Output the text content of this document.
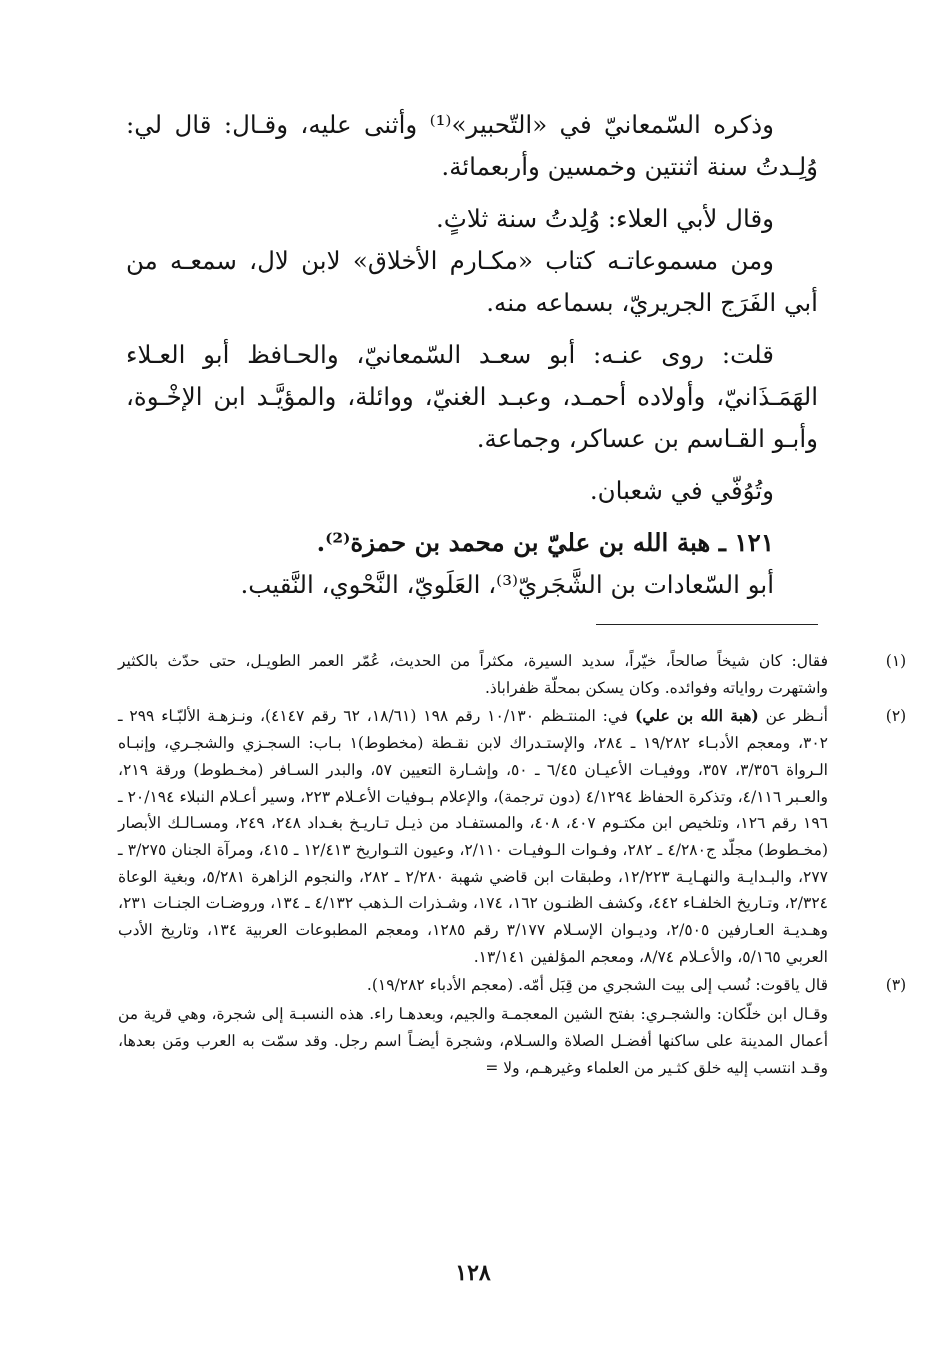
وذكره السّمعانيّ في «التّحبير»⁽¹⁾ وأثنى عليه، وقـال: قال لي: وُلِـدتُ سنة اثنتين وخمسين وأربعمائة.

وقال لأبي العلاء: وُلِدتُ سنة ثلاثٍ.

ومن مسموعاتـه كتاب «مكـارم الأخلاق» لابن لال، سمعـه من أبي الفَرَج الجريريّ، بسماعه منه.

قلت: روى عنـه: أبو سعـد السّمعانيّ، والحـافظ أبو العـلاء الهَمَـذَانيّ، وأولاده أحمـد، وعبـد الغنيّ، ووائلة، والمؤيَّـد ابن الإخْـوة، وأبـو القـاسم بن عساكر، وجماعة.

وتُوُفّي في شعبان.

١٢١ ـ هبة الله بن عليّ بن محمد بن حمزة⁽²⁾.

أبو السّعادات بن الشَّجَريّ⁽³⁾، العَلَويّ، النَّحْوي، النَّقيب.

(١)
فقال: كان شيخاً صالحاً، خيّراً، سديد السيرة، مكثراً من الحديث، عُمّر العمر الطويـل، حتى حدّث بالكثير واشتهرت رواياته وفوائده. وكان يسكن بمحلّة ظفراباذ.
(٢)
أنـظر عن (هبة الله بن علي) في: المنتـظم ١٠/١٣٠ رقم ١٩٨ (١٨/٦١، ٦٢ رقم ٤١٤٧)، ونـزهـة الألبّـاء ٢٩٩ ـ ٣٠٢، ومعجم الأدبـاء ١٩/٢٨٢ ـ ٢٨٤، والإستـدراك لابن نقـطة (مخطوط)١ بـاب: السجـزي والشجـري، وإنبـاه الـرواة ٣/٣٥٦، ٣٥٧، ووفيـات الأعيـان ٦/٤٥ ـ ٥٠، وإشـارة التعيين ٥٧، والبدر السـافر (مخـطوط) ورقة ٢١٩، والعـبر ٤/١١٦، وتذكرة الحفاظ ٤/١٢٩٤ (دون ترجمة)، والإعلام بـوفيات الأعـلام ٢٢٣، وسير أعـلام النبلاء ٢٠/١٩٤ ـ ١٩٦ رقم ١٢٦، وتلخيص ابن مكتـوم ٤٠٧، ٤٠٨، والمستفـاد من ذيـل تـاريـخ بغـداد ٢٤٨، ٢٤٩، ومسـالـك الأبصار (مخـطوط) مجلّد ج٤/٢٨٠ ـ ٢٨٢، وفـوات الـوفيـات ٢/١١٠، وعيون التـواريخ ١٢/٤١٣ ـ ٤١٥، ومرآة الجنان ٣/٢٧٥ ـ ٢٧٧، والبـدايـة والنهـايـة ١٢/٢٢٣، وطبقات ابن قاضي شهبة ٢/٢٨٠ ـ ٢٨٢، والنجوم الزاهرة ٥/٢٨١، وبغية الوعاة ٢/٣٢٤، وتـاريخ الخلفـاء ٤٤٢، وكشف الظنـون ١٦٢، ١٧٤، وشـذرات الـذهب ٤/١٣٢ ـ ١٣٤، وروضـات الجنـات ٢٣١، وهـديـة العـارفين ٢/٥٠٥، وديـوان الإسـلام ٣/١٧٧ رقم ١٢٨٥، ومعجم المطبوعات العربية ١٣٤، وتاريخ الأدب العربي ٥/١٦٥، والأعـلام ٨/٧٤، ومعجم المؤلفين ١٣/١٤١.
(٣)
قال ياقوت: نُسب إلى بيت الشجري من قِبَل أمّه. (معجم الأدباء ١٩/٢٨٢).
وقـال ابن خلّكان: والشجـري: بفتح الشين المعجمـة والجيم، وبعدهـا راء. هذه النسبـة إلى شجرة، وهي قرية من أعمال المدينة على ساكنها أفضـل الصلاة والسـلام، وشجرة أيضـاً اسم رجل. وقد سمّت به العرب ومَن بعدها، وقـد انتسب إليه خلق كثـير من العلماء وغيرهـم، ولا =
١٢٨
